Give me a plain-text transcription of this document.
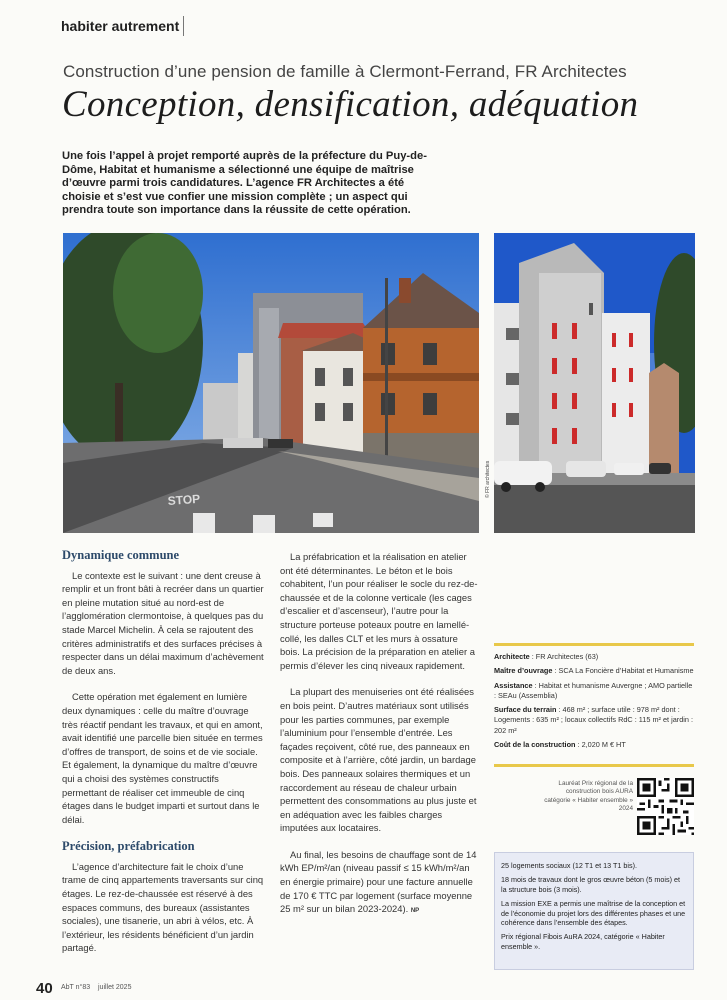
habiter autrement
Construction d’une pension de famille à Clermont-Ferrand, FR Architectes
Conception, densification, adéquation
Une fois l’appel à projet remporté auprès de la préfecture du Puy-de-Dôme, Habitat et humanisme a sélectionné une équipe de maîtrise d’œuvre parmi trois candidatures. L’agence FR Architectes a été choisie et s’est vue confier une mission complète ; un aspect qui prendra toute son importance dans la réussite de cette opération.
STOP
© FR architectes
Dynamique commune

Le contexte est le suivant : une dent creuse à remplir et un front bâti à recréer dans un quartier en pleine mutation situé au nord-est de l’agglomération clermontoise, à quelques pas du stade Marcel Michelin. À cela se rajoutent des critères administratifs et des surfaces précises à respecter dans un délai maximum d’achèvement de deux ans.

Cette opération met également en lumière deux dynamiques : celle du maître d’ouvrage très réactif pendant les travaux, et qui en amont, avait identifié une parcelle bien située en termes d’offres de transport, de soins et de vie sociale. Et également, la dynamique du maître d’œuvre qui a choisi des systèmes constructifs permettant de réaliser cet immeuble de cinq étages dans le budget imparti et surtout dans le délai.

Précision, préfabrication

L’agence d’architecture fait le choix d’une trame de cinq appartements traversants sur cinq étages. Le rez-de-chaussée est réservé à des espaces communs, des bureaux (assistantes sociales), une tisanerie, un abri à vélos, etc. À l’extérieur, les résidents bénéficient d’un jardin partagé.

La préfabrication et la réalisation en atelier ont été déterminantes. Le béton et le bois cohabitent, l’un pour réaliser le socle du rez-de-chaussée et de la colonne verticale (les cages d’escalier et d’ascenseur), l’autre pour la structure porteuse poteaux poutre en lamellé-collé, les dalles CLT et les murs à ossature bois. La précision de la préparation en atelier a permis d’élever les cinq niveaux rapidement.

La plupart des menuiseries ont été réalisées en bois peint. D’autres matériaux sont utilisés pour les parties communes, par exemple l’aluminium pour l’ensemble d’entrée. Les façades reçoivent, côté rue, des panneaux en composite et à l’arrière, côté jardin, un bardage bois. Des panneaux solaires thermiques et un raccordement au réseau de chaleur urbain permettent des consommations au plus juste et en adéquation avec les faibles charges imputées aux locataires.

Au final, les besoins de chauffage sont de 14 kWh EP/m²/an (niveau passif ≤ 15 kWh/m²/an en énergie primaire) pour une facture annuelle de 170 € TTC par logement (surface moyenne 25 m² sur un bilan 2023-2024). NP

Architecte : FR Architectes (63)

Maître d’ouvrage : SCA La Foncière d’Habitat et Humanisme

Assistance : Habitat et humanisme Auvergne ; AMO partielle : SEAu (Assemblia)

Surface du terrain : 468 m² ; surface utile : 978 m² dont : Logements : 635 m² ; locaux collectifs RdC : 115 m² et jardin : 202 m²

Coût de la construction : 2,020 M € HT

Lauréat Prix régional de la construction bois AURA catégorie « Habiter ensemble » 2024

25 logements sociaux (12 T1 et 13 T1 bis).

18 mois de travaux dont le gros œuvre béton (5 mois) et la structure bois (3 mois).

La mission EXE a permis une maîtrise de la conception et de l’économie du projet lors des différentes phases et une cohérence dans l’ensemble des étapes.

Prix régional Fibois AuRA 2024, catégorie « Habiter ensemble ».

40 AbT n°83 juillet 2025
